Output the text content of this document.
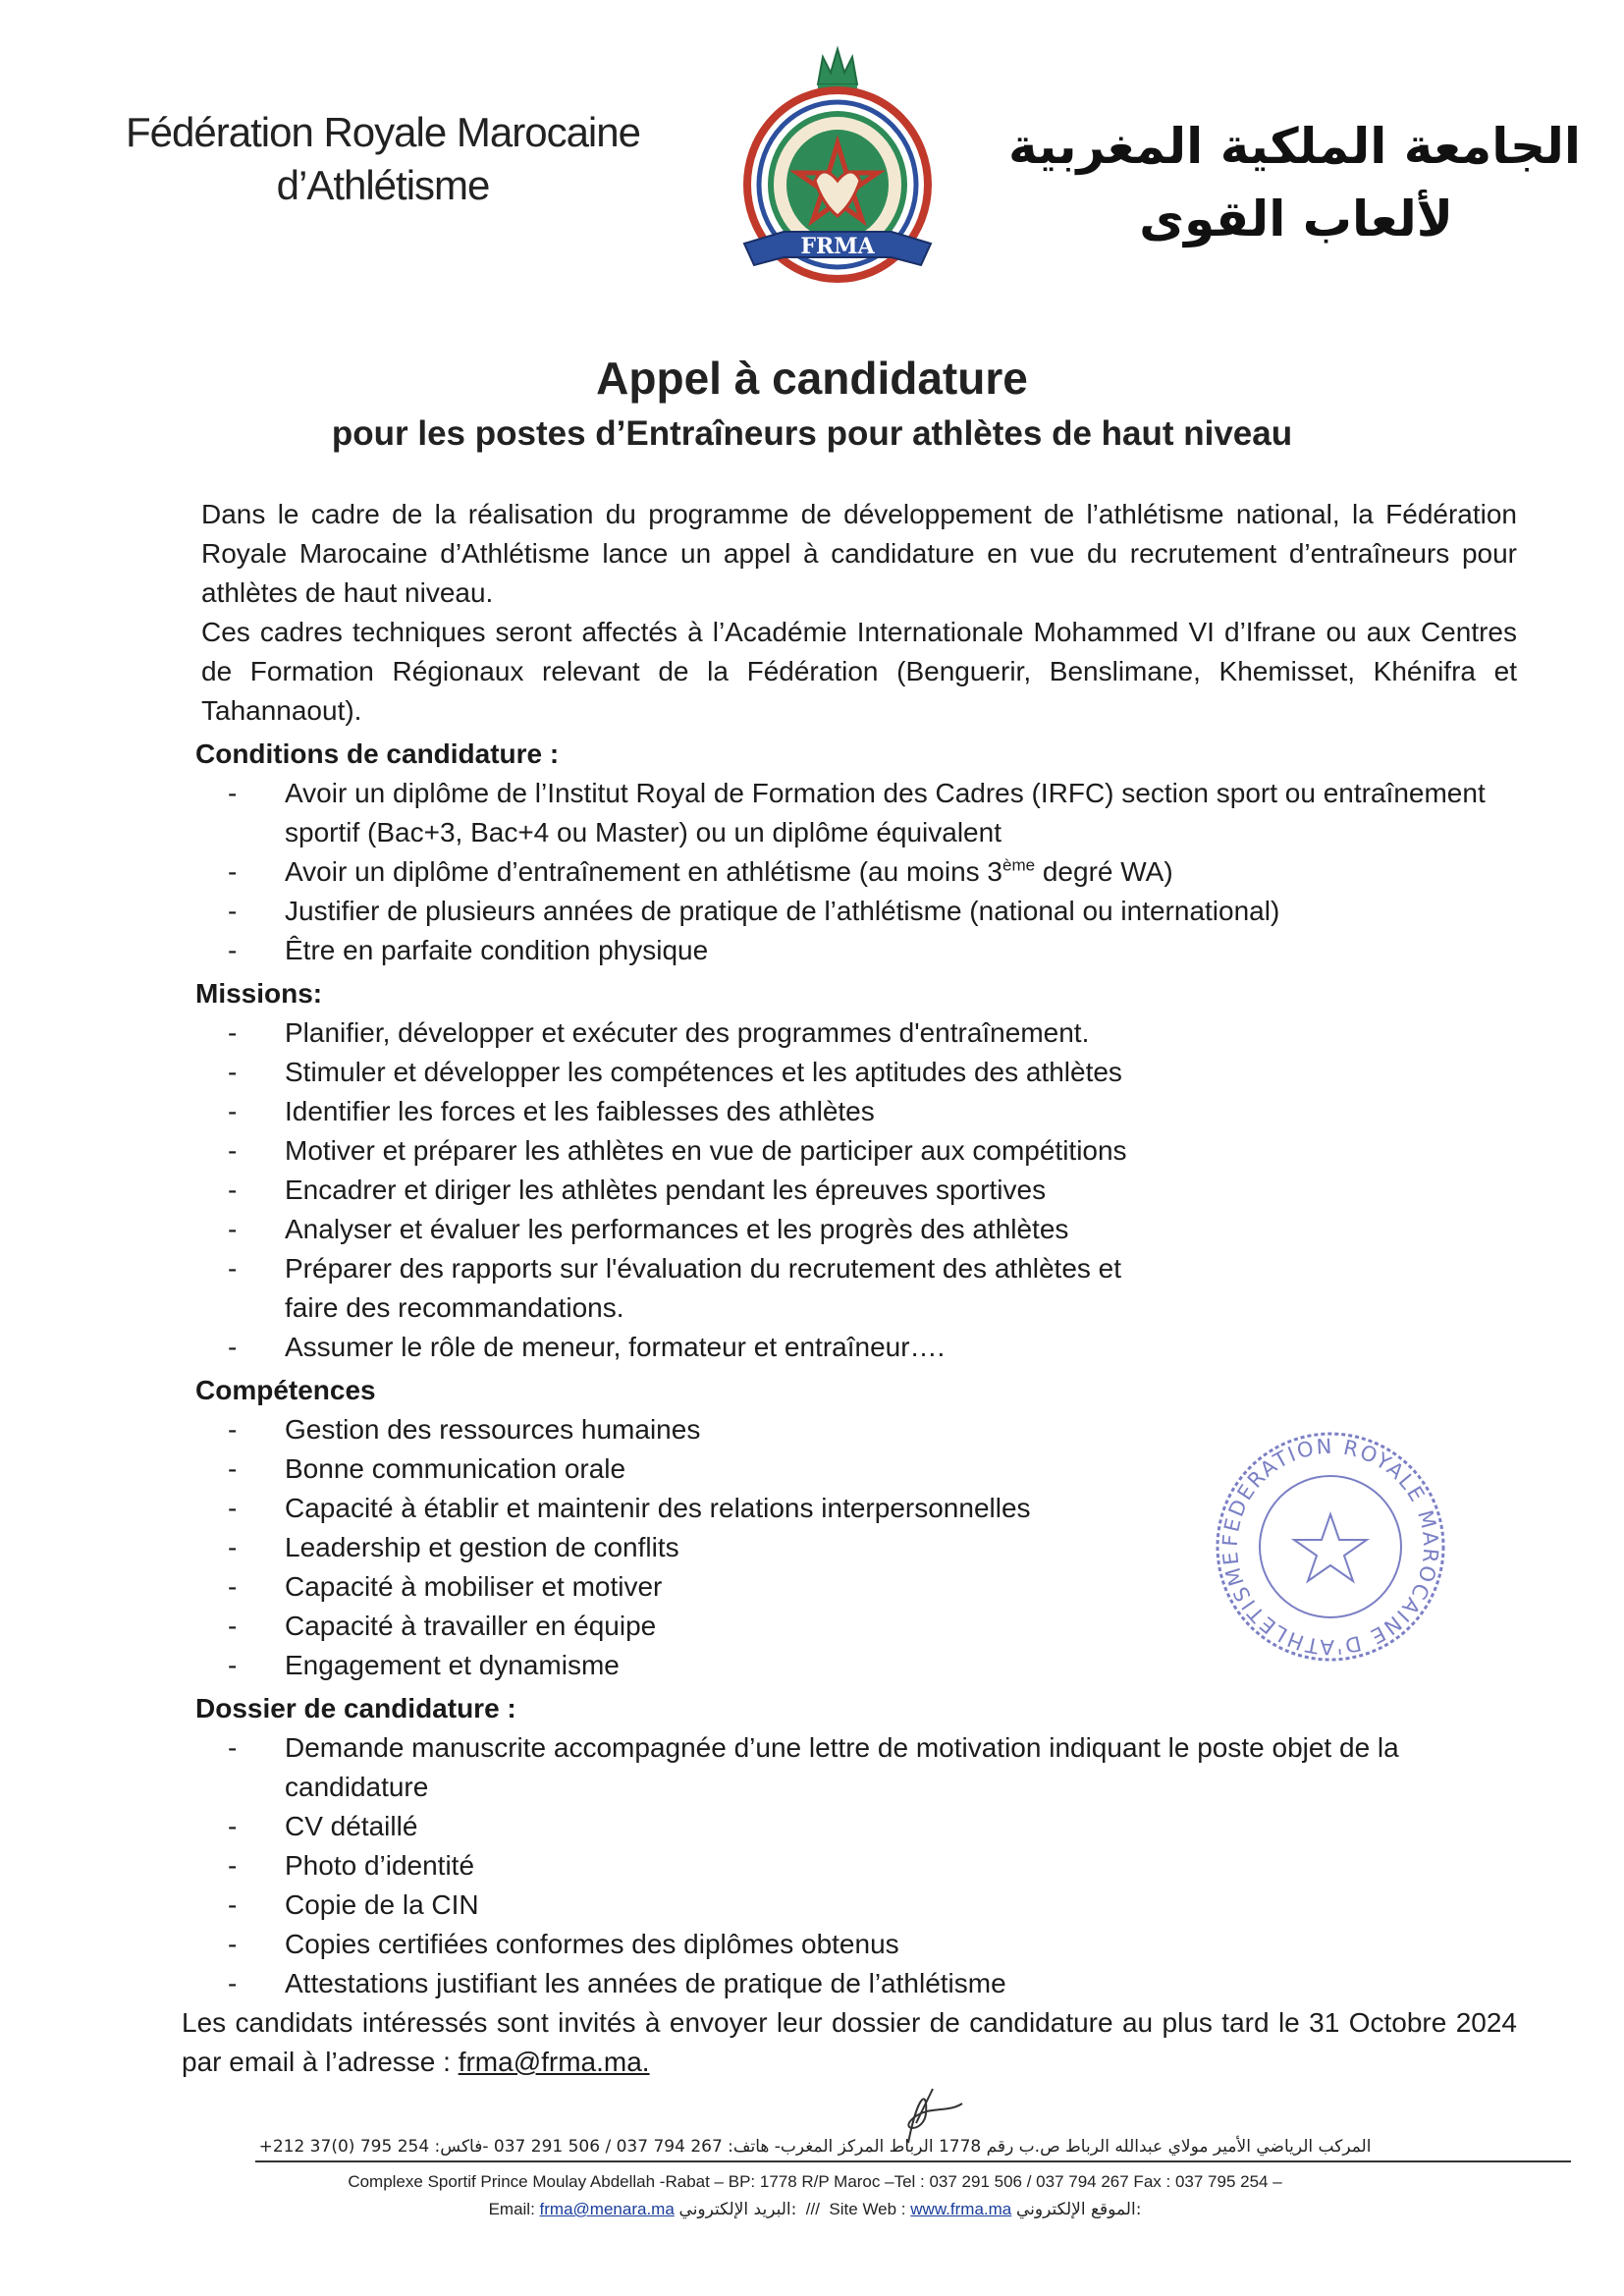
Fédération Royale Marocaine
d’Athlétisme
FRMA
الجامعة الملكية المغربية
لألعاب القوى
Appel à candidature
pour les postes d’Entraîneurs pour athlètes de haut niveau

Dans le cadre de la réalisation du programme de développement de l’athlétisme national, la Fédération Royale Marocaine d’Athlétisme lance un appel à candidature en vue du recrutement d’entraîneurs pour athlètes de haut niveau.

Ces cadres techniques seront affectés à l’Académie Internationale Mohammed VI d’Ifrane ou aux Centres de Formation Régionaux relevant de la Fédération (Benguerir, Benslimane, Khemisset, Khénifra et Tahannaout).

Conditions de candidature :
- Avoir un diplôme de l’Institut Royal de Formation des Cadres (IRFC) section sport ou entraînement sportif (Bac+3, Bac+4 ou Master) ou un diplôme équivalent
- Avoir un diplôme d’entraînement en athlétisme (au moins 3ème degré WA)
- Justifier de plusieurs années de pratique de l’athlétisme (national ou international)
- Être en parfaite condition physique
Missions:
- Planifier, développer et exécuter des programmes d'entraînement.
- Stimuler et développer les compétences et les aptitudes des athlètes
- Identifier les forces et les faiblesses des athlètes
- Motiver et préparer les athlètes en vue de participer aux compétitions
- Encadrer et diriger les athlètes pendant les épreuves sportives
- Analyser et évaluer les performances et les progrès des athlètes
- Préparer des rapports sur l'évaluation du recrutement des athlètes et faire des recommandations.
- Assumer le rôle de meneur, formateur et entraîneur….
Compétences
- Gestion des ressources humaines
- Bonne communication orale
- Capacité à établir et maintenir des relations interpersonnelles
- Leadership et gestion de conflits
- Capacité à mobiliser et motiver
- Capacité à travailler en équipe
- Engagement et dynamisme
Dossier de candidature :
- Demande manuscrite accompagnée d’une lettre de motivation indiquant le poste objet de la candidature
- CV détaillé
- Photo d’identité
- Copie de la CIN
- Copies certifiées conformes des diplômes obtenus
- Attestations justifiant les années de pratique de l’athlétisme

Les candidats intéressés sont invités à envoyer leur dossier de candidature au plus tard le 31 Octobre 2024 par email à l’adresse : frma@frma.ma.

FEDERATION ROYALE MAROCAINE D'ATHLETISME
المركب الرياضي الأمير مولاي عبدالله الرباط ص.ب رقم 1778 الرباط المركز المغرب- هاتف: 267 794 037 / 506 291 037 -فاكس: 254 795 (0)37 212+
Complexe Sportif Prince Moulay Abdellah -Rabat – BP: 1778 R/P Maroc –Tel : 037 291 506 / 037 794 267 Fax : 037 795 254 –
Email: frma@menara.ma البريد الإلكتروني: /// Site Web : www.frma.ma الموقع الإلكتروني:
